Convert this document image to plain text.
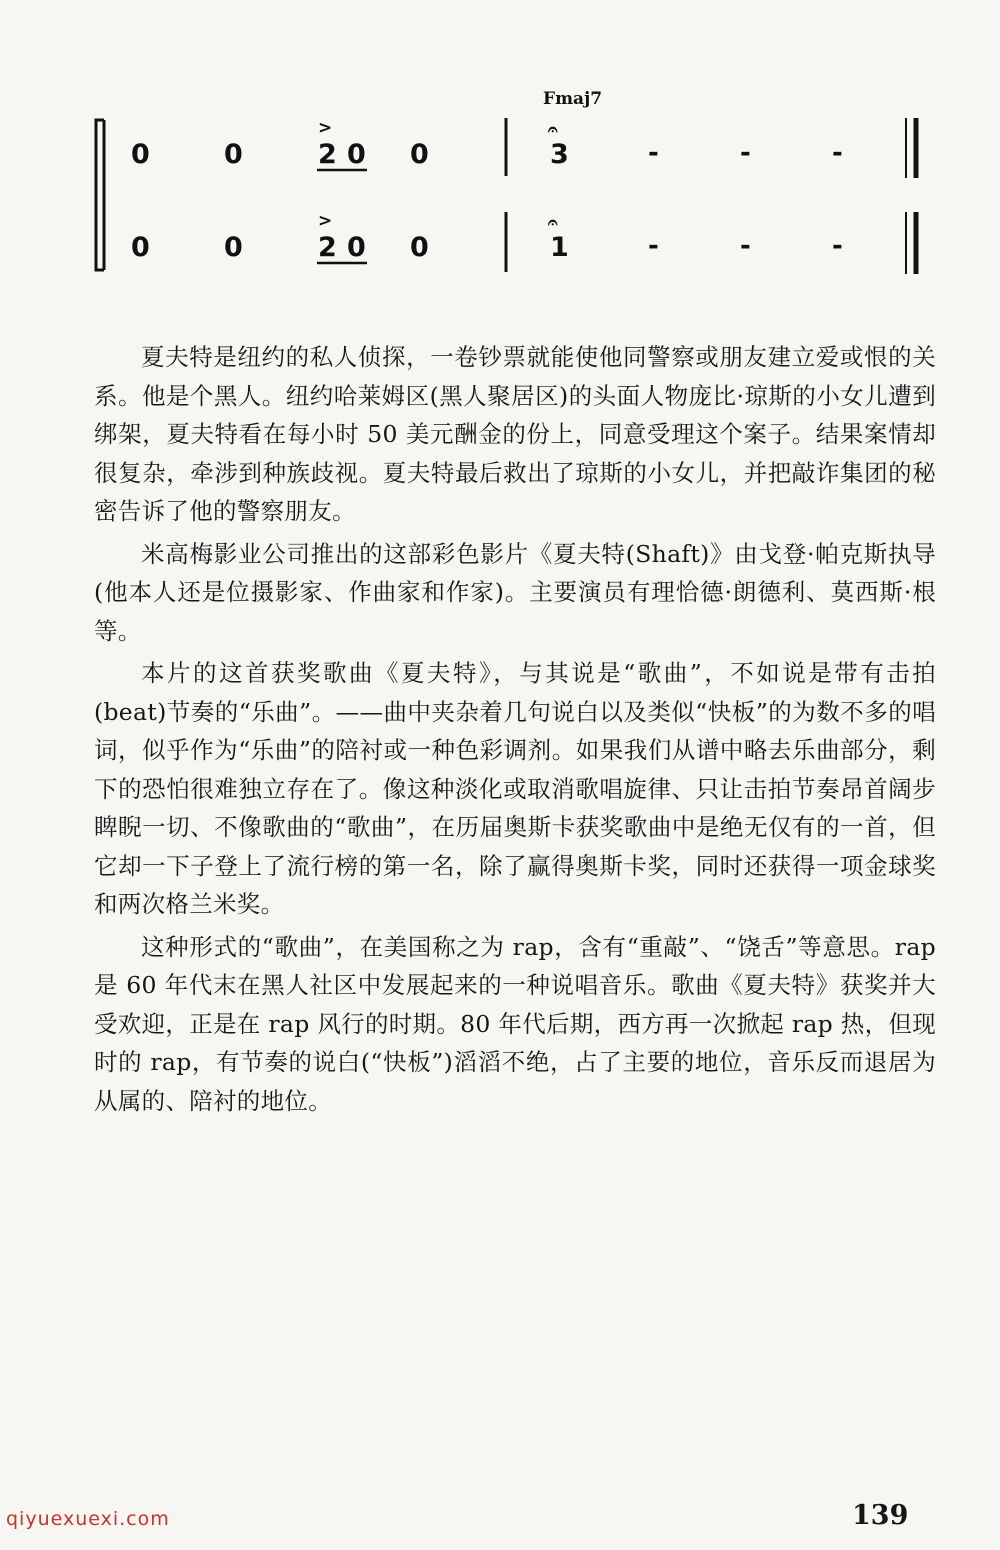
Fmaj7
>
0	0	2 0 0
𝄐
3	-	-	-
>
0	0	2 0 0
𝄐
1	-	-	-

夏夫特是纽约的私人侦探，一卷钞票就能使他同警察或朋友建立爱或恨的关系。他是个黑人。纽约哈莱姆区(黑人聚居区)的头面人物庞比·琼斯的小女儿遭到绑架，夏夫特看在每小时 50 美元酬金的份上，同意受理这个案子。结果案情却很复杂，牵涉到种族歧视。夏夫特最后救出了琼斯的小女儿，并把敲诈集团的秘密告诉了他的警察朋友。

米高梅影业公司推出的这部彩色影片《夏夫特(Shaft)》由戈登·帕克斯执导(他本人还是位摄影家、作曲家和作家)。主要演员有理恰德·朗德利、莫西斯·根等。

本片的这首获奖歌曲《夏夫特》，与其说是“歌曲”，不如说是带有击拍(beat)节奏的“乐曲”。——曲中夹杂着几句说白以及类似“快板”的为数不多的唱词，似乎作为“乐曲”的陪衬或一种色彩调剂。如果我们从谱中略去乐曲部分，剩下的恐怕很难独立存在了。像这种淡化或取消歌唱旋律、只让击拍节奏昂首阔步睥睨一切、不像歌曲的“歌曲”，在历届奥斯卡获奖歌曲中是绝无仅有的一首，但它却一下子登上了流行榜的第一名，除了赢得奥斯卡奖，同时还获得一项金球奖和两次格兰米奖。

这种形式的“歌曲”，在美国称之为 rap，含有“重敲”、“饶舌”等意思。rap 是 60 年代末在黑人社区中发展起来的一种说唱音乐。歌曲《夏夫特》获奖并大受欢迎，正是在 rap 风行的时期。80 年代后期，西方再一次掀起 rap 热，但现时的 rap，有节奏的说白(“快板”)滔滔不绝，占了主要的地位，音乐反而退居为从属的、陪衬的地位。

qiyuexuexi.com	139
